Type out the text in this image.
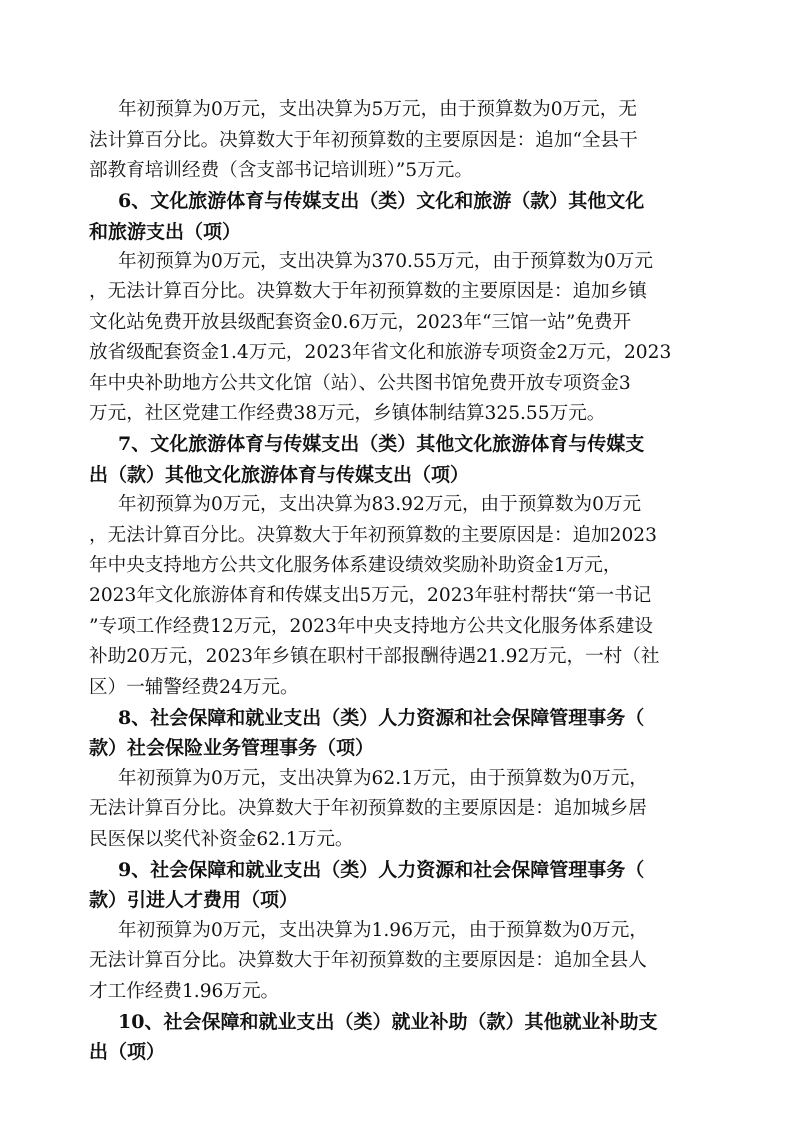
年初预算为0万元，支出决算为5万元，由于预算数为0万元，无
法计算百分比。决算数大于年初预算数的主要原因是：追加“全县干
部教育培训经费（含支部书记培训班）”5万元。
6、文化旅游体育与传媒支出（类）文化和旅游（款）其他文化
和旅游支出（项）
年初预算为0万元，支出决算为370.55万元，由于预算数为0万元
，无法计算百分比。决算数大于年初预算数的主要原因是：追加乡镇
文化站免费开放县级配套资金0.6万元，2023年“三馆一站”免费开
放省级配套资金1.4万元，2023年省文化和旅游专项资金2万元，2023
年中央补助地方公共文化馆（站）、公共图书馆免费开放专项资金3
万元，社区党建工作经费38万元，乡镇体制结算325.55万元。
7、文化旅游体育与传媒支出（类）其他文化旅游体育与传媒支
出（款）其他文化旅游体育与传媒支出（项）
年初预算为0万元，支出决算为83.92万元，由于预算数为0万元
，无法计算百分比。决算数大于年初预算数的主要原因是：追加2023
年中央支持地方公共文化服务体系建设绩效奖励补助资金1万元，
2023年文化旅游体育和传媒支出5万元，2023年驻村帮扶“第一书记
”专项工作经费12万元，2023年中央支持地方公共文化服务体系建设
补助20万元，2023年乡镇在职村干部报酬待遇21.92万元，一村（社
区）一辅警经费24万元。
8、社会保障和就业支出（类）人力资源和社会保障管理事务（
款）社会保险业务管理事务（项）
年初预算为0万元，支出决算为62.1万元，由于预算数为0万元，
无法计算百分比。决算数大于年初预算数的主要原因是：追加城乡居
民医保以奖代补资金62.1万元。
9、社会保障和就业支出（类）人力资源和社会保障管理事务（
款）引进人才费用（项）
年初预算为0万元，支出决算为1.96万元，由于预算数为0万元，
无法计算百分比。决算数大于年初预算数的主要原因是：追加全县人
才工作经费1.96万元。
10、社会保障和就业支出（类）就业补助（款）其他就业补助支
出（项）
